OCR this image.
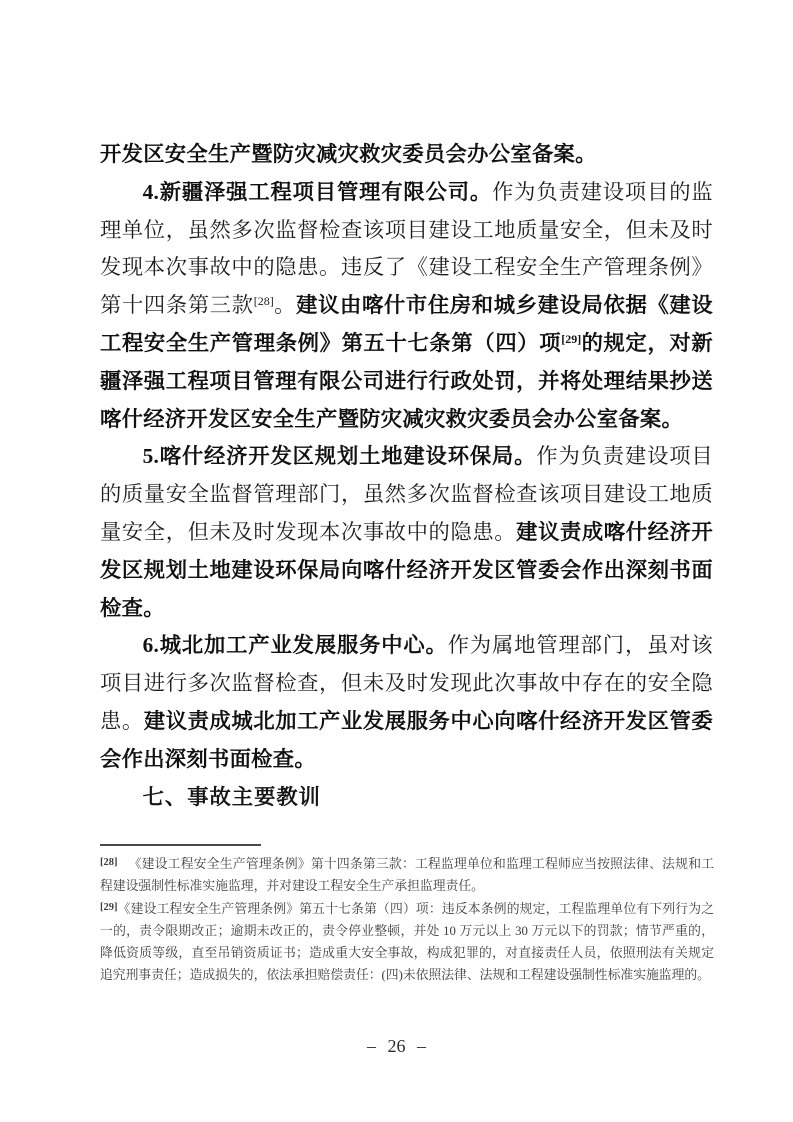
开发区安全生产暨防灾减灾救灾委员会办公室备案。

4.新疆泽强工程项目管理有限公司。作为负责建设项目的监理单位，虽然多次监督检查该项目建设工地质量安全，但未及时发现本次事故中的隐患。违反了《建设工程安全生产管理条例》第十四条第三款[28]。建议由喀什市住房和城乡建设局依据《建设工程安全生产管理条例》第五十七条第（四）项[29]的规定，对新疆泽强工程项目管理有限公司进行行政处罚，并将处理结果抄送喀什经济开发区安全生产暨防灾减灾救灾委员会办公室备案。

5.喀什经济开发区规划土地建设环保局。作为负责建设项目的质量安全监督管理部门，虽然多次监督检查该项目建设工地质量安全，但未及时发现本次事故中的隐患。建议责成喀什经济开发区规划土地建设环保局向喀什经济开发区管委会作出深刻书面检查。

6.城北加工产业发展服务中心。作为属地管理部门，虽对该项目进行多次监督检查，但未及时发现此次事故中存在的安全隐患。建议责成城北加工产业发展服务中心向喀什经济开发区管委会作出深刻书面检查。

七、事故主要教训

[28] 《建设工程安全生产管理条例》第十四条第三款：工程监理单位和监理工程师应当按照法律、法规和工程建设强制性标准实施监理，并对建设工程安全生产承担监理责任。

[29]《建设工程安全生产管理条例》第五十七条第（四）项：违反本条例的规定，工程监理单位有下列行为之一的，责令限期改正；逾期未改正的，责令停业整顿，并处 10 万元以上 30 万元以下的罚款；情节严重的，降低资质等级，直至吊销资质证书；造成重大安全事故，构成犯罪的，对直接责任人员，依照刑法有关规定追究刑事责任；造成损失的，依法承担赔偿责任：(四)未依照法律、法规和工程建设强制性标准实施监理的。

– 26 –
